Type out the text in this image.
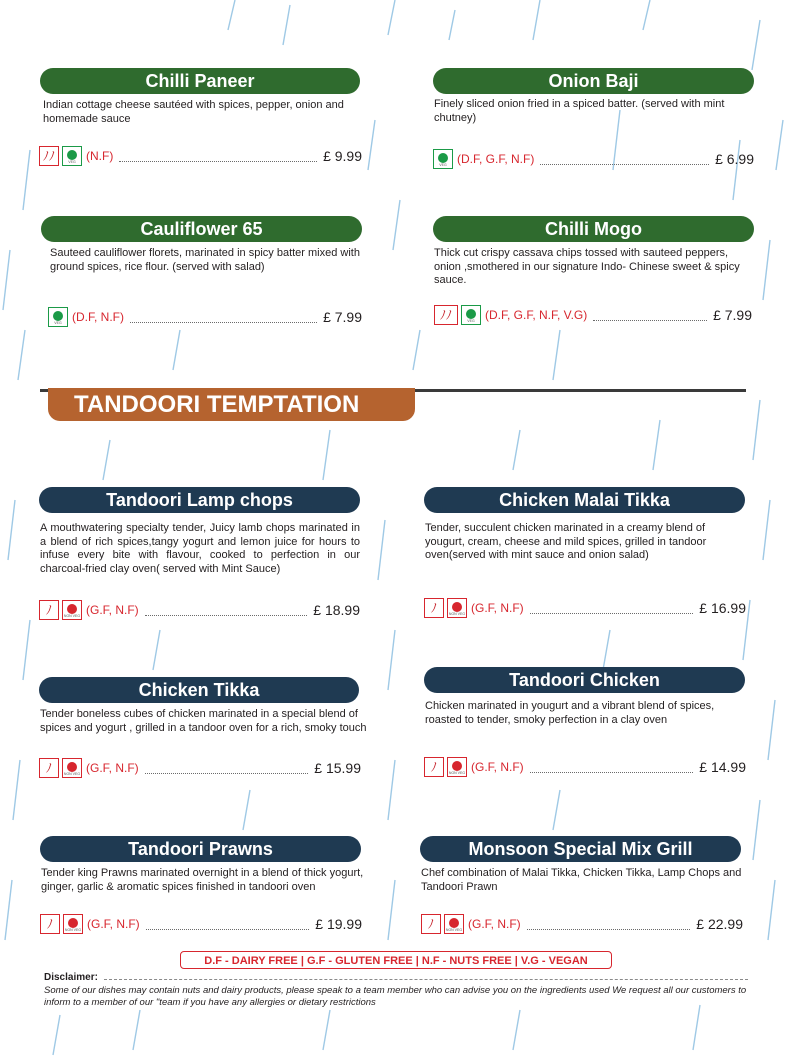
Chilli Paneer
Indian cottage cheese sautéed with spices, pepper, onion and homemade sauce
ﾉﾉ	VEG (N.F)	£ 9.99
Onion Baji
Finely sliced onion fried in a spiced batter. (served with mint chutney)
VEG (D.F, G.F, N.F)	£ 6.99
Cauliflower 65
Sauteed cauliflower florets, marinated in spicy batter mixed with ground spices, rice flour. (served with salad)
VEG (D.F, N.F)	£ 7.99
Chilli Mogo
Thick cut crispy cassava chips tossed with sauteed peppers, onion ,smothered in our signature Indo- Chinese sweet & spicy sauce.
ﾉﾉ	VEG (D.F, G.F, N.F, V.G)	£ 7.99
TANDOORI TEMPTATION
Tandoori Lamp chops
A mouthwatering specialty tender, Juicy lamb chops marinated in a blend of rich spices,tangy yogurt and lemon juice for hours to infuse every bite with flavour, cooked to perfection in our charcoal-fried clay oven( served with Mint Sauce)
ﾉ	NON VEG (G.F, N.F)	£ 18.99
Chicken Malai Tikka
Tender, succulent chicken marinated in a creamy blend of yougurt, cream, cheese and mild spices, grilled in tandoor oven(served with mint sauce and onion salad)
ﾉ	NON VEG (G.F, N.F)	£ 16.99
Chicken Tikka
Tender boneless cubes of chicken marinated in a special blend of spices and yogurt , grilled in a tandoor oven for a rich, smoky touch
ﾉ	NON VEG (G.F, N.F)	£ 15.99
Tandoori Chicken
Chicken marinated in yougurt and a vibrant blend of spices, roasted to tender, smoky perfection in a clay oven
ﾉ	NON VEG (G.F, N.F)	£ 14.99
Tandoori Prawns
Tender king Prawns marinated overnight in a blend of thick yogurt, ginger, garlic & aromatic spices finished in tandoori oven
ﾉ	NON VEG (G.F, N.F)	£ 19.99
Monsoon Special Mix Grill
Chef combination of Malai Tikka, Chicken Tikka, Lamp Chops and Tandoori Prawn
ﾉ	NON VEG (G.F, N.F)	£ 22.99
D.F - DAIRY FREE | G.F - GLUTEN FREE | N.F - NUTS FREE | V.G - VEGAN
Disclaimer:
Some of our dishes may contain nuts and dairy products, please speak to a team member who can advise you on the ingredients used We request all our customers to inform to a member of our "team if you have any allergies or dietary restrictions
